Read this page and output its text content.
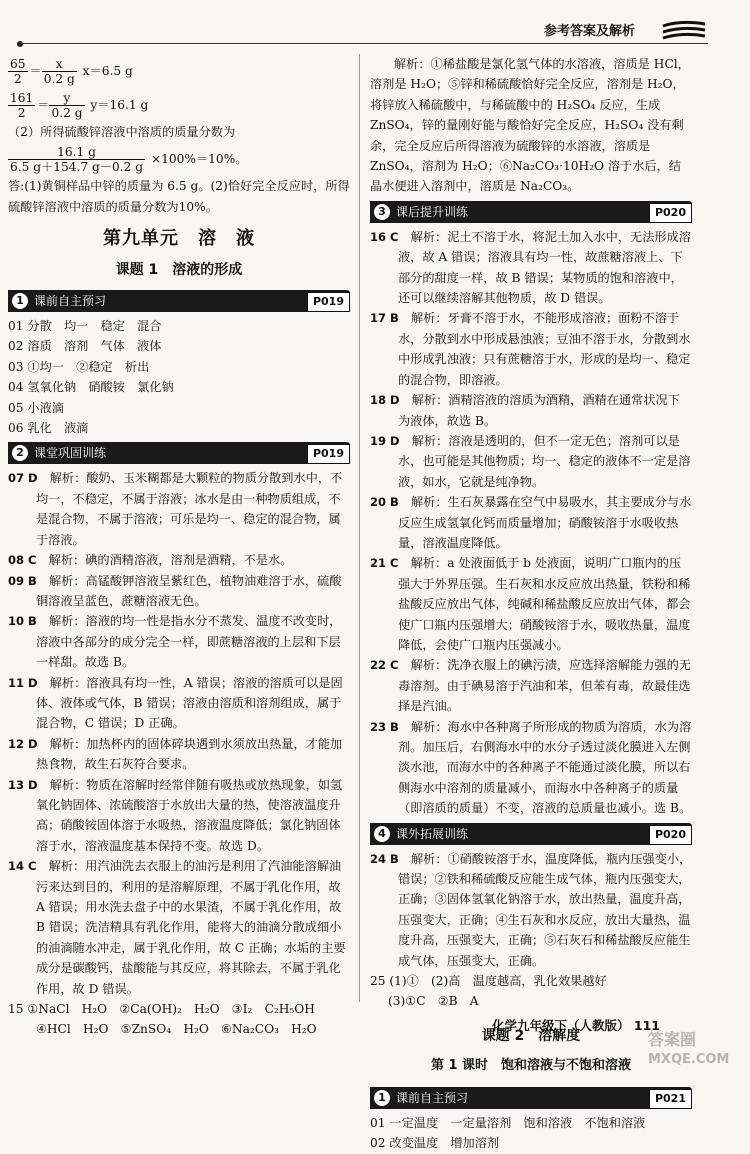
参考答案及解析
$\frac{65}{2} = \frac{x}{0.2 g} x=6.5$ g
$\frac{161}{2} = \frac{y}{0.2 g} y=16.1$ g

（2）所得硫酸锌溶液中溶质的质量分数为

$\frac{16.1 g}{6.5 g+154.7 g-0.2 g} \times 100\%=10\%$。

答:(1)黄铜样品中锌的质量为 6.5 g。(2)恰好完全反应时，所得硫酸锌溶液中溶质的质量分数为10%。

第九单元　溶　液
课题 1　溶液的形成
1 课前自主预习	P019

01 分散　均一　稳定　混合

02 溶质　溶剂　气体　液体

03 ①均一　②稳定　析出

04 氢氧化钠　硝酸铵　氯化钠

05 小液滴

06 乳化　液滴

2 课堂巩固训练	P019

07 D　 解析：酸奶、玉米糊都是大颗粒的物质分散到水中，不均一，不稳定，不属于溶液；冰水是由一种物质组成，不是混合物，不属于溶液；可乐是均一、稳定的混合物，属于溶液。

08 C　 解析：碘的酒精溶液，溶剂是酒精，不是水。

09 B　 解析：高锰酸钾溶液呈紫红色，植物油难溶于水，硫酸铜溶液呈蓝色，蔗糖溶液无色。

10 B　 解析：溶液的均一性是指水分不蒸发、温度不改变时，溶液中各部分的成分完全一样，即蔗糖溶液的上层和下层一样甜。故选 B。

11 D　 解析：溶液具有均一性，A 错误；溶液的溶质可以是固体、液体或气体，B 错误；溶液由溶质和溶剂组成，属于混合物，C 错误；D 正确。

12 D　 解析：加热杯内的固体碎块遇到水须放出热量，才能加热食物，故生石灰符合要求。

13 D　 解析：物质在溶解时经常伴随有吸热或放热现象，如氢氧化钠固体、浓硫酸溶于水放出大量的热，使溶液温度升高；硝酸铵固体溶于水吸热，溶液温度降低；氯化钠固体溶于水，溶液温度基本保持不变。故选 D。

14 C　 解析：用汽油洗去衣服上的油污是利用了汽油能溶解油污来达到目的，利用的是溶解原理，不属于乳化作用，故 A 错误；用水洗去盘子中的水果渣，不属于乳化作用，故 B 错误；洗洁精具有乳化作用，能将大的油滴分散成细小的油滴随水冲走，属于乳化作用，故 C 正确；水垢的主要成分是碳酸钙，盐酸能与其反应，将其除去，不属于乳化作用，故 D 错误。

15 ①NaCl　H₂O　②Ca(OH)₂　H₂O　③I₂　C₂H₅OH

④HCl　H₂O　⑤ZnSO₄　H₂O　⑥Na₂CO₃　H₂O

解析：①稀盐酸是氯化氢气体的水溶液，溶质是 HCl，溶剂是 H₂O；⑤锌和稀硫酸恰好完全反应，溶剂是 H₂O，将锌放入稀硫酸中，与稀硫酸中的 H₂SO₄ 反应，生成 ZnSO₄，锌的量刚好能与酸恰好完全反应，H₂SO₄ 没有剩余，完全反应后所得溶液为硫酸锌的水溶液，溶质是 ZnSO₄，溶剂为 H₂O；⑥Na₂CO₃·10H₂O 溶于水后，结晶水便进入溶剂中，溶质是 Na₂CO₃。

3 课后提升训练	P020

16 C　 解析：泥土不溶于水，将泥土加入水中，无法形成溶液，故 A 错误；溶液具有均一性，故蔗糖溶液上、下部分的甜度一样，故 B 错误；某物质的饱和溶液中，还可以继续溶解其他物质，故 D 错误。

17 B　 解析：牙膏不溶于水，不能形成溶液；面粉不溶于水，分散到水中形成悬浊液；豆油不溶于水，分散到水中形成乳浊液；只有蔗糖溶于水，形成的是均一、稳定的混合物，即溶液。

18 D　 解析：酒精溶液的溶质为酒精，酒精在通常状况下为液体，故选 B。

19 D　 解析：溶液是透明的，但不一定无色；溶剂可以是水，也可能是其他物质；均一、稳定的液体不一定是溶液，如水，它就是纯净物。

20 B　 解析：生石灰暴露在空气中易吸水，其主要成分与水反应生成氢氧化钙而质量增加；硝酸铵溶于水吸收热量，溶液温度降低。

21 C　 解析：a 处液面低于 b 处液面，说明广口瓶内的压强大于外界压强。生石灰和水反应放出热量，铁粉和稀盐酸反应放出气体，纯碱和稀盐酸反应放出气体，都会使广口瓶内压强增大；硝酸铵溶于水，吸收热量，温度降低，会使广口瓶内压强减小。

22 C　 解析：洗净衣服上的碘污渍，应选择溶解能力强的无毒溶剂。由于碘易溶于汽油和苯，但苯有毒，故最佳选择是汽油。

23 B　 解析：海水中各种离子所形成的物质为溶质，水为溶剂。加压后，右侧海水中的水分子透过淡化膜进入左侧淡水池，而海水中的各种离子不能通过淡化膜，所以右侧海水中溶剂的质量减小，而海水中各种离子的质量（即溶质的质量）不变，溶液的总质量也减小。选 B。

4 课外拓展训练	P020

24 B　 解析：①硝酸铵溶于水，温度降低，瓶内压强变小，错误；②铁和稀硫酸反应能生成气体，瓶内压强变大，正确；③固体氢氧化钠溶于水，放出热量，温度升高，压强变大，正确；④生石灰和水反应，放出大量热，温度升高，压强变大，正确；⑤石灰石和稀盐酸反应能生成气体，压强变大，正确。

25 (1)①　(2)高　温度越高，乳化效果越好

(3)①C　②B　A

课题 2　溶解度
第 1 课时　饱和溶液与不饱和溶液
1 课前自主预习	P021

01 一定温度　一定量溶剂　饱和溶液　不饱和溶液

02 改变温度　增加溶剂

化学九年级下（人教版） 111
答案圈
MXQE.COM
